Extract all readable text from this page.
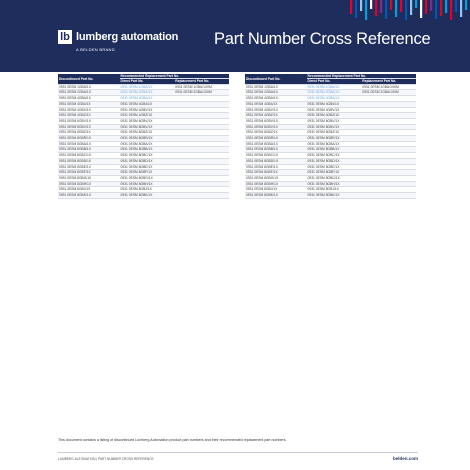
lb lumberg automation
A BELDEN BRAND
Part Number Cross Reference
Discontinued Part No.	Recommended Replacement Part No.	
	Direct Part No.	Replacement Part No.
0931 0ESM 1GBA/1X	0931 0ESM 1GBA/1X	0931 0ESM 1GBA/1X0M
0931 0ESM 2GBA/1X	0931 0ESM 2GBA/1X	0931 0ESM 2GBA/1X0M
0931 0ESM 4GBA/1X	0931 0ESM 4GBA/1X	
0931 0ESM 4GB4/1X	0931 0ESM 4GB4/1X	
0931 0ESM 4GBV/1X	0931 0ESM 4GBV/1X	
0931 0ESM 4GBZ/1X	0931 0ESM 4GBZ/1X	
0931 0ESM 6GBV/1X	0931 0ESM 6GBV/1X	
0931 0ESM 8GBV/1X	0931 0ESM 8GBV/1X	
0931 0ESM 8GBZ/1X	0931 0ESM 8GBZ/1X	
0931 0ESM 8GBR/1X	0931 0ESM 8GBR/1X	
0931 0ESM 8GBA/1X	0931 0ESM 8GBA/1X	
0931 0ESM 8GBB/1X	0931 0ESM 8GBB/1X	
0931 0ESM 8GBC/1X	0931 0ESM 8GBC/1X	
0931 0ESM 8GBD/1X	0931 0ESM 8GBD/1X	
0931 0ESM 8GBE/1X	0931 0ESM 8GBE/1X	
0931 0ESM 8GBF/1X	0931 0ESM 8GBF/1X	
0931 0ESM 8GBG/1X	0931 0ESM 8GBG/1X	
0931 0ESM 8GBH/1X	0931 0ESM 8GBH/1X	
0931 0ESM 8GBJ/1X	0931 0ESM 8GBJ/1X	
0931 0ESM 8GBK/1X	0931 0ESM 8GBK/1X	
Discontinued Part No.	Recommended Replacement Part No.	
	Direct Part No.	Replacement Part No.
0931 0ESM 1GBA/1X	0931 0ESM 1GBA/1X	0931 0ESM 1GBA/1X0M
0931 0ESM 2GBA/1X	0931 0ESM 2GBA/1X	0931 0ESM 2GBA/1X0M
0931 0ESM 4GBA/1X	0931 0ESM 4GBA/1X	
0931 0ESM 4GB4/1X	0931 0ESM 4GB4/1X	
0931 0ESM 4GBV/1X	0931 0ESM 4GBV/1X	
0931 0ESM 4GBZ/1X	0931 0ESM 4GBZ/1X	
0931 0ESM 6GBV/1X	0931 0ESM 6GBV/1X	
0931 0ESM 8GBV/1X	0931 0ESM 8GBV/1X	
0931 0ESM 8GBZ/1X	0931 0ESM 8GBZ/1X	
0931 0ESM 8GBR/1X	0931 0ESM 8GBR/1X	
0931 0ESM 8GBA/1X	0931 0ESM 8GBA/1X	
0931 0ESM 8GBB/1X	0931 0ESM 8GBB/1X	
0931 0ESM 8GBC/1X	0931 0ESM 8GBC/1X	
0931 0ESM 8GBD/1X	0931 0ESM 8GBD/1X	
0931 0ESM 8GBE/1X	0931 0ESM 8GBE/1X	
0931 0ESM 8GBF/1X	0931 0ESM 8GBF/1X	
0931 0ESM 8GBG/1X	0931 0ESM 8GBG/1X	
0931 0ESM 8GBH/1X	0931 0ESM 8GBH/1X	
0931 0ESM 8GBJ/1X	0931 0ESM 8GBJ/1X	
0931 0ESM 8GBK/1X	0931 0ESM 8GBK/1X	
This document contains a listing of discontinued Lumberg Automation product part numbers and their recommended replacement part numbers.
LUMBERG AUTOMATION | PART NUMBER CROSS REFERENCE	belden.com
